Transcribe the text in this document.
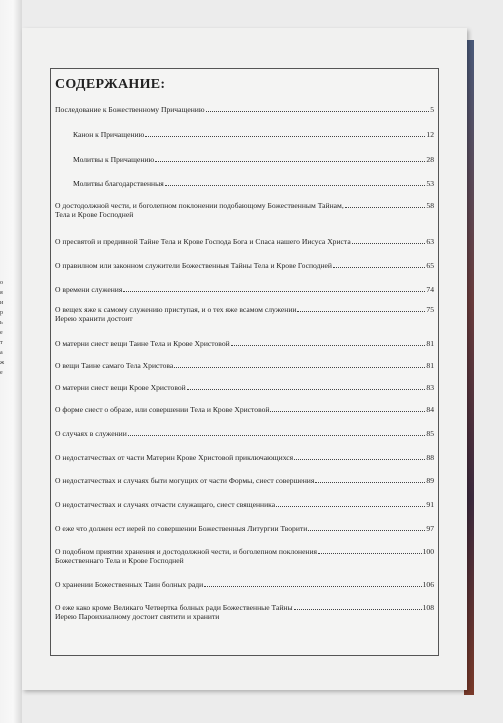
о
я
и
р
ь
е
т
а
ж
е
СОДЕРЖАНИЕ:
Последование к Божественному Причащению	5
Канон к Причащению	12
Молитвы к Причащению	28
Молитвы благодарственныя	53
О достодолжной чести, и боголепном поклонении подобающому Божественным Тайнам,	58
Тела и Крове Господней
О пресвятой и предивной Тайне Тела и Крове Господа Бога и Спаса нашего Иисуса Христа	63
О правилном или законном служители Божественныя Тайны Тела и Крове Господней	65
О времени служения	74
О вещех яже к самому служению приступая, и о тех яже всамом служении	75
Иерею хранити достоит
О матерни сиест вещи Таине Тела и Крове Христовой	81
О вещи Таине самаго Тела Христова	81
О матерни сиест вещи Крове Христовой	83
О форме сиест о образе, или совершении Тела и Крове Христовой	84
О случаях в служении	85
О недостатчествах от части Материн Крове Христовой приключающихся	88
О недостатчествах и случаях быти могущих от части Формы, сиест совершения	89
О недостатчествах и случаях отчасти служащаго, сиест священника	91
О еже что должен ест иерей по совершении Божественныя Литургии Творити	97
О подобном приятии хранения и достодолжной чести, и боголепном поклонения	100
Божественнаго Тела и Крове Господней
О хранении Божественных Таин болных ради	106
О еже како кроме Великаго Четвертка болных ради Божественные Тайны	108
Иерею Пароихиалному достоит святити и хранити
